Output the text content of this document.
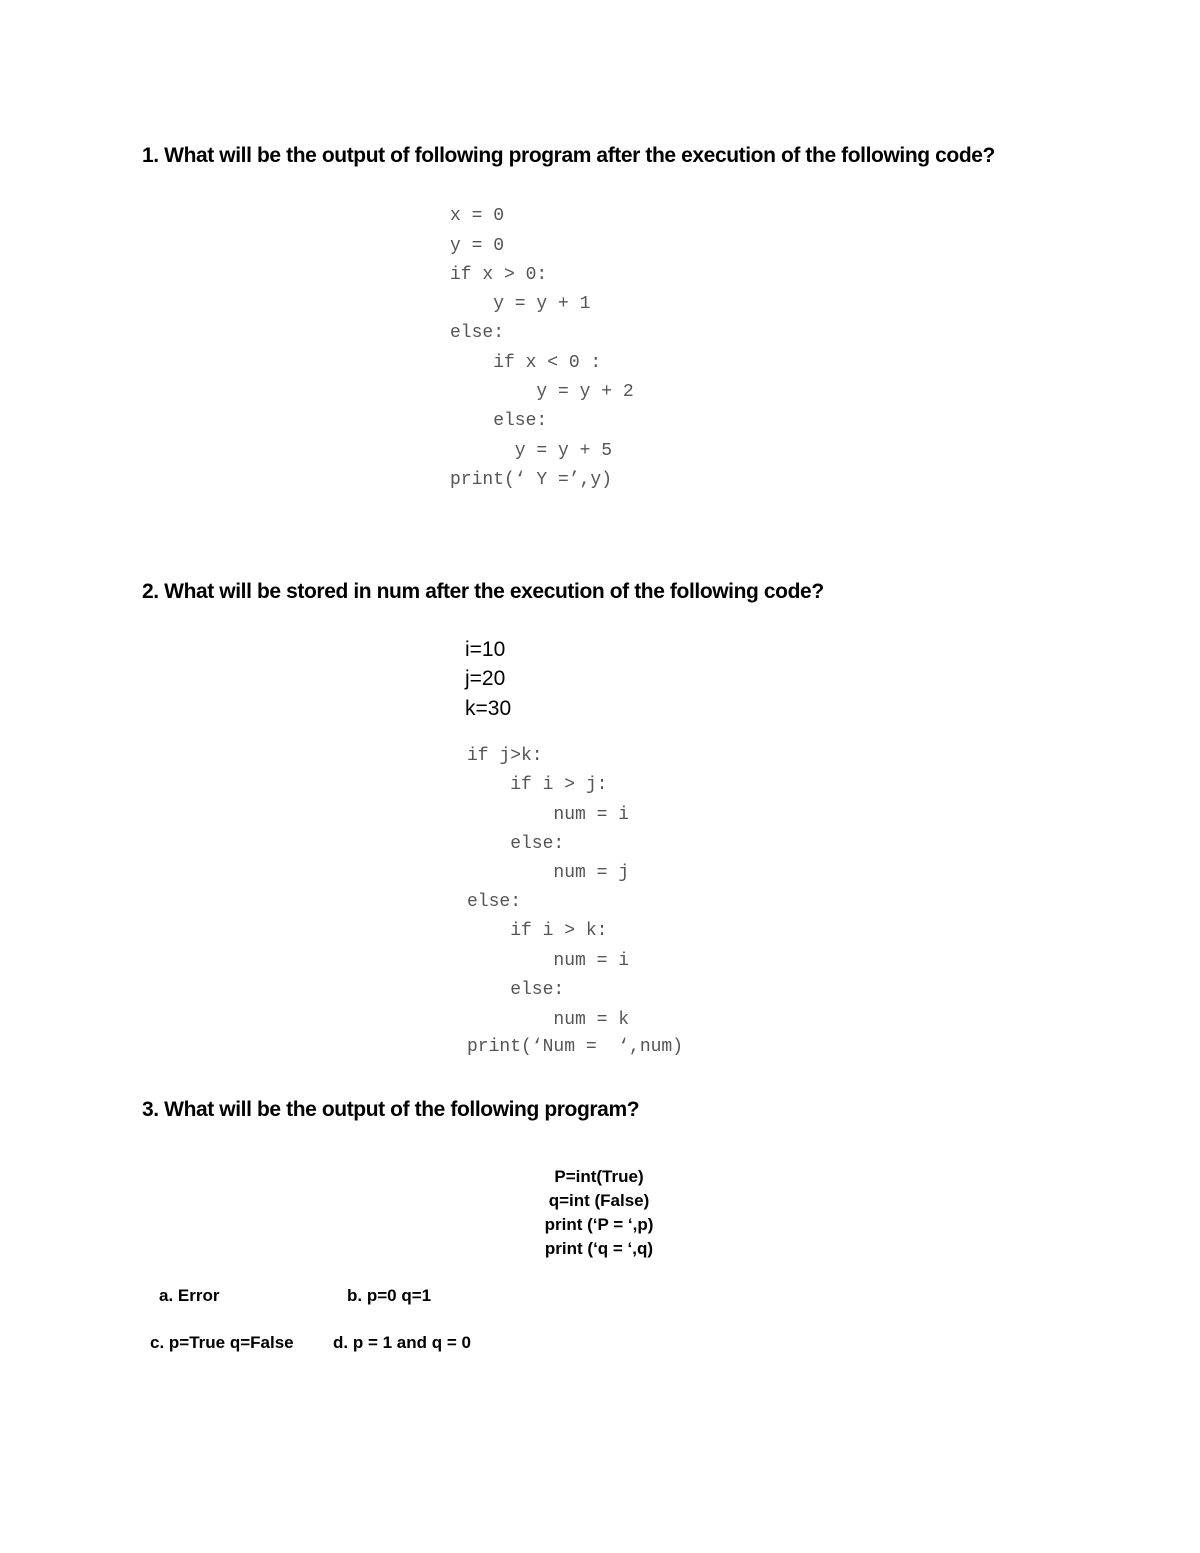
1. What will be the output of following program after the execution of the following code?
x = 0
y = 0
if x > 0:
y = y + 1
else:
if x < 0 :
y = y + 2
else:
y = y + 5
print(‘ Y =’,y)
2. What will be stored in num after the execution of the following code?
i=10
j=20
k=30
if j>k:
if i > j:
num = i
else:
num = j
else:
if i > k:
num = i
else:
num = k
print(‘Num =  ‘,num)
3. What will be the output of the following program?
P=int(True)
q=int (False)
print (‘P = ‘,p)
print (‘q = ‘,q)
a. Error	b. p=0 q=1
c. p=True q=False d. p = 1 and q = 0
